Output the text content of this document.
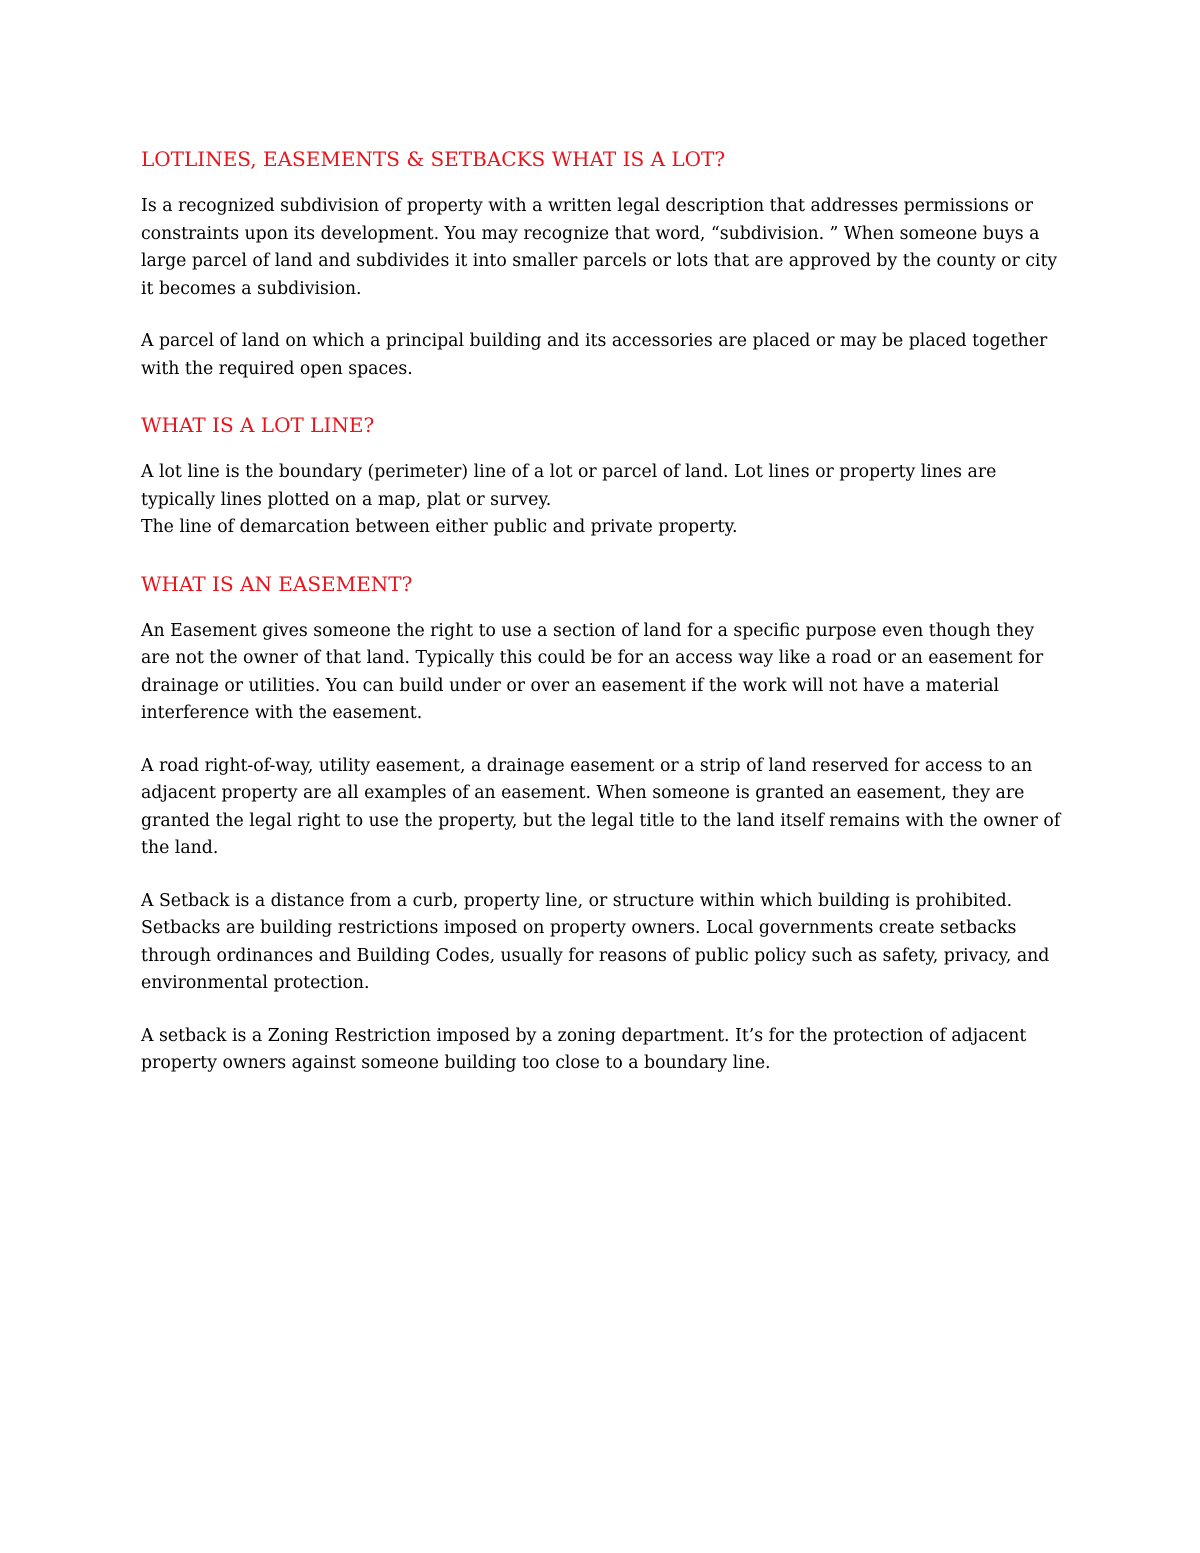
LOTLINES, EASEMENTS & SETBACKS WHAT IS A LOT?

Is a recognized subdivision of property with a written legal description that addresses permissions or constraints upon its development. You may recognize that word, “subdivision. ” When someone buys a large parcel of land and subdivides it into smaller parcels or lots that are approved by the county or city it becomes a subdivision.

A parcel of land on which a principal building and its accessories are placed or may be placed together with the required open spaces.

WHAT IS A LOT LINE?

A lot line is the boundary (perimeter) line of a lot or parcel of land. Lot lines or property lines are typically lines plotted on a map, plat or survey.

The line of demarcation between either public and private property.

WHAT IS AN EASEMENT?

An Easement gives someone the right to use a section of land for a specific purpose even though they are not the owner of that land. Typically this could be for an access way like a road or an easement for drainage or utilities. You can build under or over an easement if the work will not have a material interference with the easement.

A road right-of-way, utility easement, a drainage easement or a strip of land reserved for access to an adjacent property are all examples of an easement. When someone is granted an easement, they are granted the legal right to use the property, but the legal title to the land itself remains with the owner of the land.

A Setback is a distance from a curb, property line, or structure within which building is prohibited. Setbacks are building restrictions imposed on property owners. Local governments create setbacks through ordinances and Building Codes, usually for reasons of public policy such as safety, privacy, and environmental protection.

A setback is a Zoning Restriction imposed by a zoning department. It’s for the protection of adjacent property owners against someone building too close to a boundary line.
